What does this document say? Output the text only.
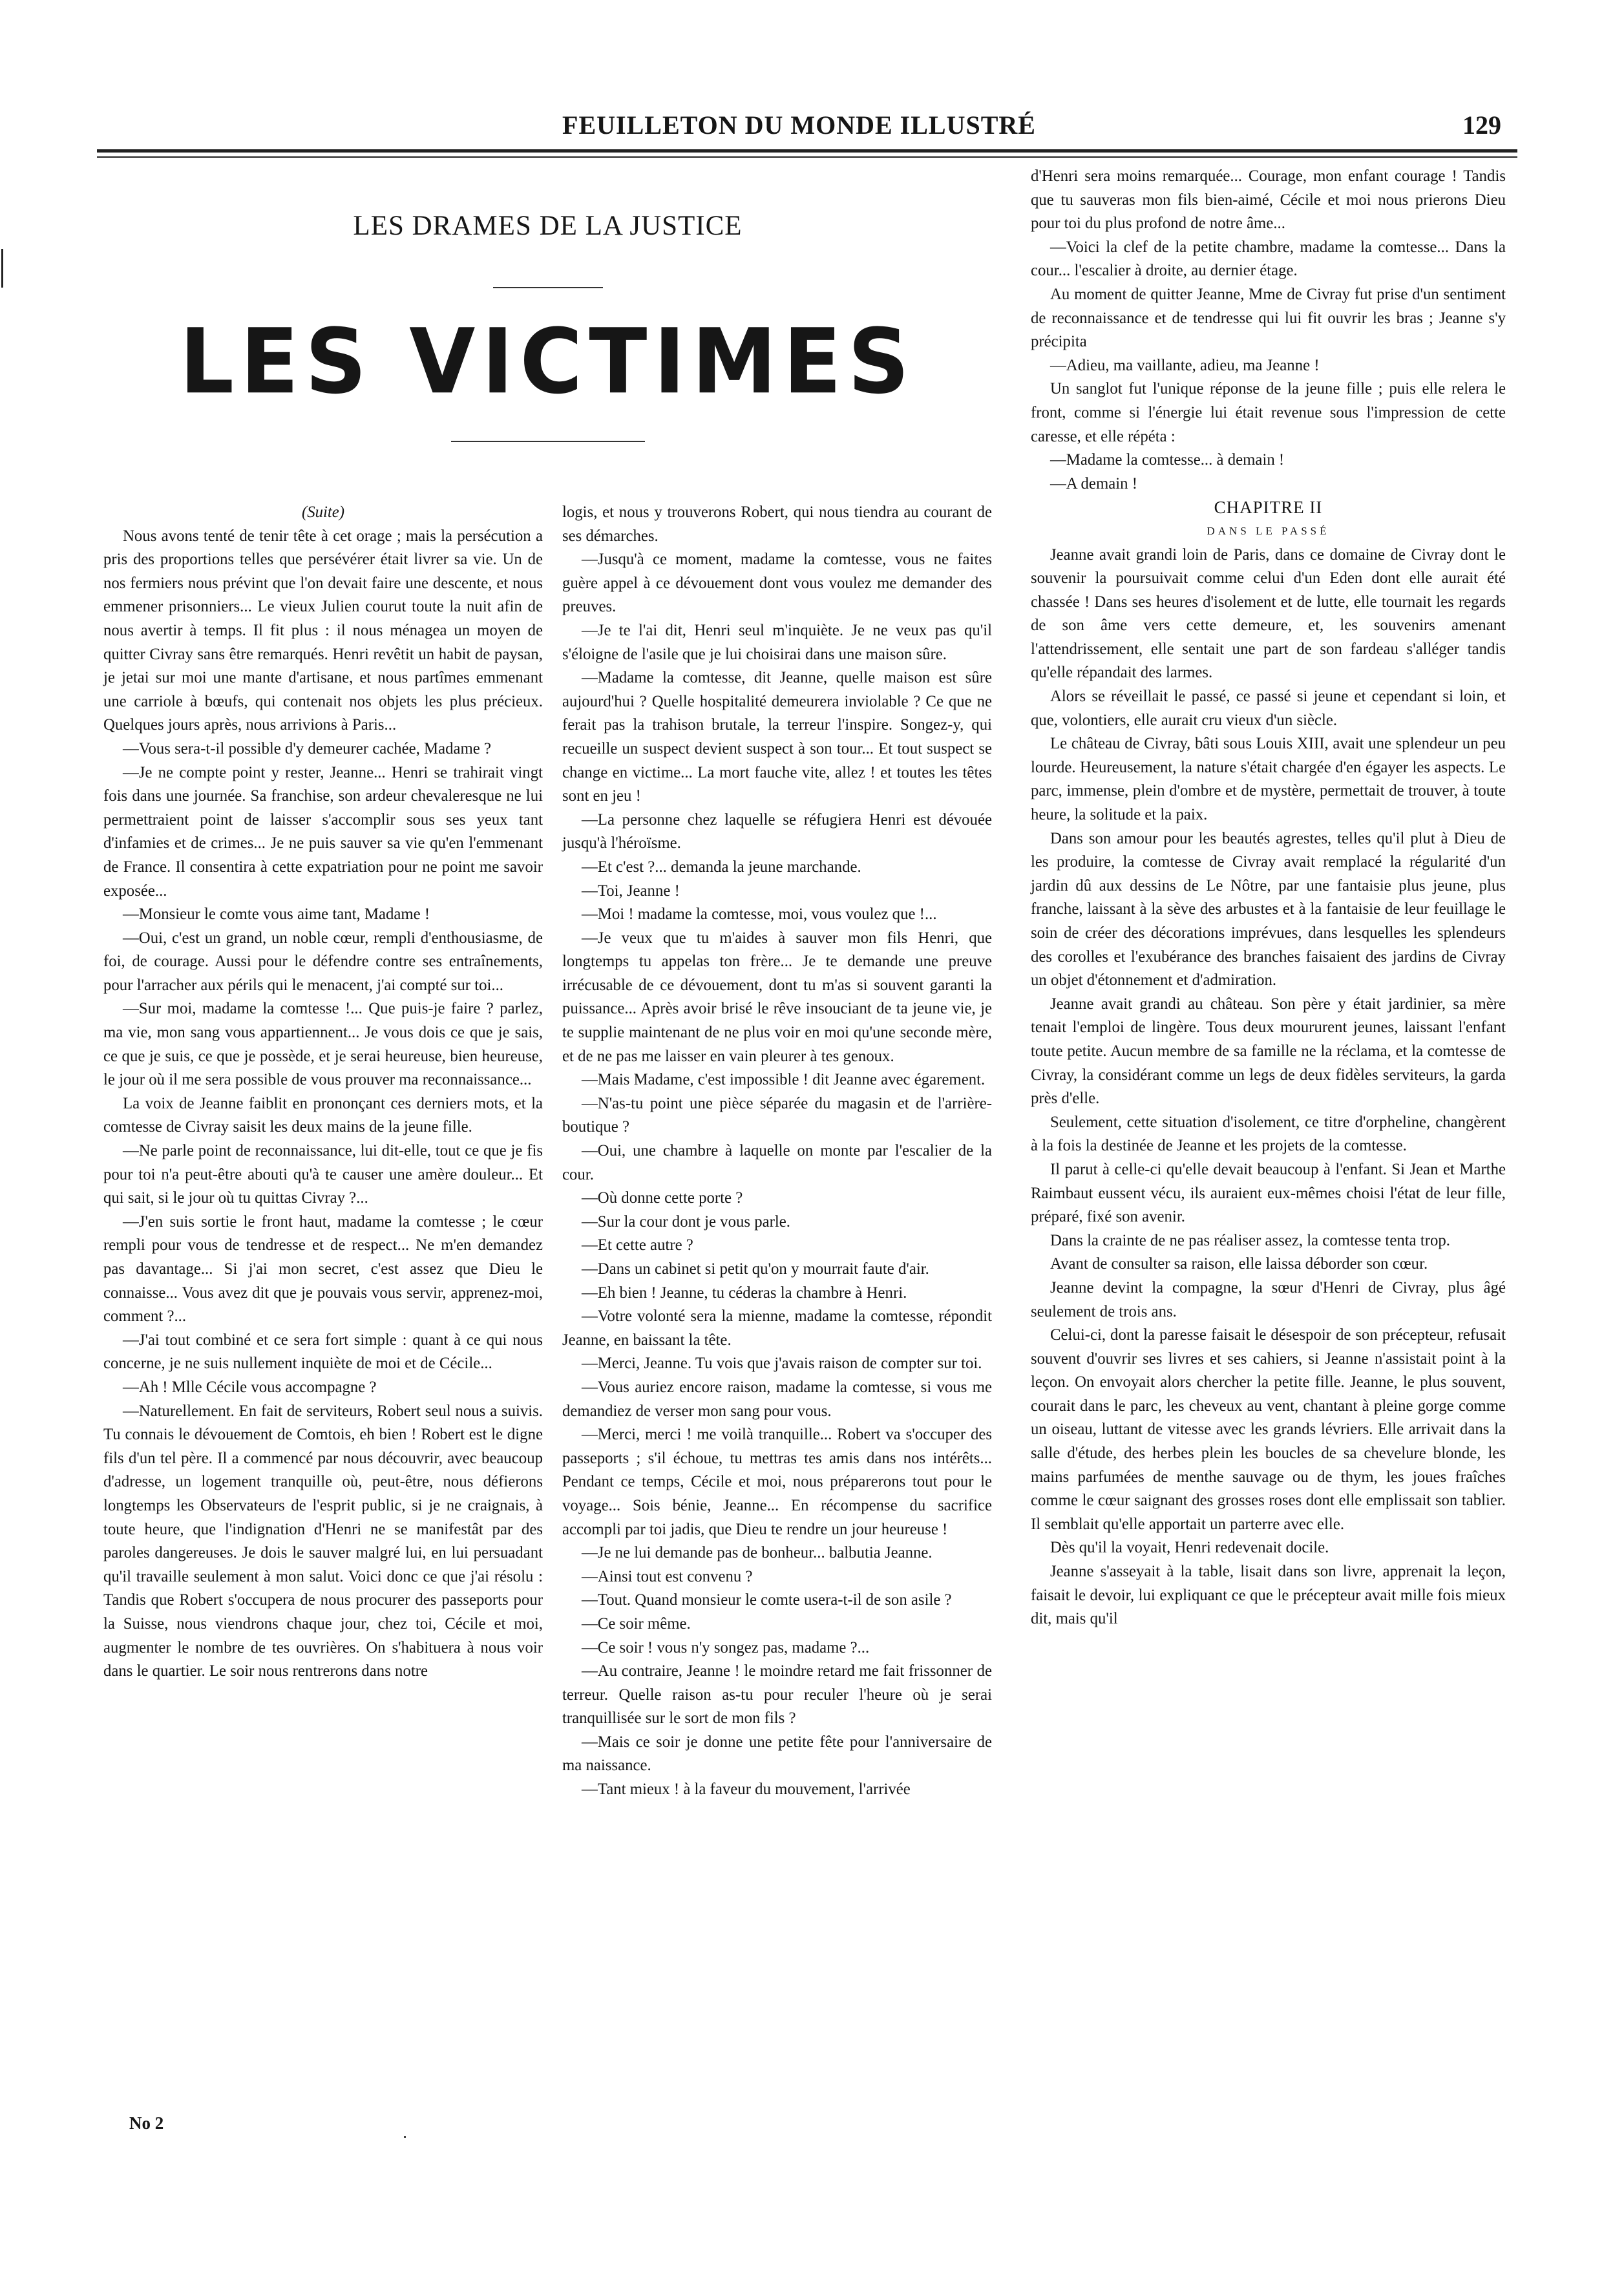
FEUILLETON DU MONDE ILLUSTRÉ	129
LES DRAMES DE LA JUSTICE
LES VICTIMES

(Suite)

Nous avons tenté de tenir tête à cet orage ; mais la persécution a pris des proportions telles que persévérer était livrer sa vie. Un de nos fermiers nous prévint que l'on devait faire une descente, et nous emmener prisonniers... Le vieux Julien courut toute la nuit afin de nous avertir à temps. Il fit plus : il nous ménagea un moyen de quitter Civray sans être remarqués. Henri revêtit un habit de paysan, je jetai sur moi une mante d'artisane, et nous partîmes emmenant une carriole à bœufs, qui contenait nos objets les plus précieux. Quelques jours après, nous arrivions à Paris...

—Vous sera-t-il possible d'y demeurer cachée, Madame ?

—Je ne compte point y rester, Jeanne... Henri se trahirait vingt fois dans une journée. Sa franchise, son ardeur chevaleresque ne lui permettraient point de laisser s'accomplir sous ses yeux tant d'infamies et de crimes... Je ne puis sauver sa vie qu'en l'emmenant de France. Il consentira à cette expatriation pour ne point me savoir exposée...

—Monsieur le comte vous aime tant, Madame !

—Oui, c'est un grand, un noble cœur, rempli d'enthousiasme, de foi, de courage. Aussi pour le défendre contre ses entraînements, pour l'arracher aux périls qui le menacent, j'ai compté sur toi...

—Sur moi, madame la comtesse !... Que puis-je faire ? parlez, ma vie, mon sang vous appartiennent... Je vous dois ce que je sais, ce que je suis, ce que je possède, et je serai heureuse, bien heureuse, le jour où il me sera possible de vous prouver ma reconnaissance...

La voix de Jeanne faiblit en prononçant ces derniers mots, et la comtesse de Civray saisit les deux mains de la jeune fille.

—Ne parle point de reconnaissance, lui dit-elle, tout ce que je fis pour toi n'a peut-être abouti qu'à te causer une amère douleur... Et qui sait, si le jour où tu quittas Civray ?...

—J'en suis sortie le front haut, madame la comtesse ; le cœur rempli pour vous de tendresse et de respect... Ne m'en demandez pas davantage... Si j'ai mon secret, c'est assez que Dieu le connaisse... Vous avez dit que je pouvais vous servir, apprenez-moi, comment ?...

—J'ai tout combiné et ce sera fort simple : quant à ce qui nous concerne, je ne suis nullement inquiète de moi et de Cécile...

—Ah ! Mlle Cécile vous accompagne ?

—Naturellement. En fait de serviteurs, Robert seul nous a suivis. Tu connais le dévouement de Comtois, eh bien ! Robert est le digne fils d'un tel père. Il a commencé par nous découvrir, avec beaucoup d'adresse, un logement tranquille où, peut-être, nous défierons longtemps les Observateurs de l'esprit public, si je ne craignais, à toute heure, que l'indignation d'Henri ne se manifestât par des paroles dangereuses. Je dois le sauver malgré lui, en lui persuadant qu'il travaille seulement à mon salut. Voici donc ce que j'ai résolu : Tandis que Robert s'occupera de nous procurer des passeports pour la Suisse, nous viendrons chaque jour, chez toi, Cécile et moi, augmenter le nombre de tes ouvrières. On s'habituera à nous voir dans le quartier. Le soir nous rentrerons dans notre

logis, et nous y trouverons Robert, qui nous tiendra au courant de ses démarches.

—Jusqu'à ce moment, madame la comtesse, vous ne faites guère appel à ce dévouement dont vous voulez me demander des preuves.

—Je te l'ai dit, Henri seul m'inquiète. Je ne veux pas qu'il s'éloigne de l'asile que je lui choisirai dans une maison sûre.

—Madame la comtesse, dit Jeanne, quelle maison est sûre aujourd'hui ? Quelle hospitalité demeurera inviolable ? Ce que ne ferait pas la trahison brutale, la terreur l'inspire. Songez-y, qui recueille un suspect devient suspect à son tour... Et tout suspect se change en victime... La mort fauche vite, allez ! et toutes les têtes sont en jeu !

—La personne chez laquelle se réfugiera Henri est dévouée jusqu'à l'héroïsme.

—Et c'est ?... demanda la jeune marchande.

—Toi, Jeanne !

—Moi ! madame la comtesse, moi, vous voulez que !...

—Je veux que tu m'aides à sauver mon fils Henri, que longtemps tu appelas ton frère... Je te demande une preuve irrécusable de ce dévouement, dont tu m'as si souvent garanti la puissance... Après avoir brisé le rêve insouciant de ta jeune vie, je te supplie maintenant de ne plus voir en moi qu'une seconde mère, et de ne pas me laisser en vain pleurer à tes genoux.

—Mais Madame, c'est impossible ! dit Jeanne avec égarement.

—N'as-tu point une pièce séparée du magasin et de l'arrière-boutique ?

—Oui, une chambre à laquelle on monte par l'escalier de la cour.

—Où donne cette porte ?

—Sur la cour dont je vous parle.

—Et cette autre ?

—Dans un cabinet si petit qu'on y mourrait faute d'air.

—Eh bien ! Jeanne, tu céderas la chambre à Henri.

—Votre volonté sera la mienne, madame la comtesse, répondit Jeanne, en baissant la tête.

—Merci, Jeanne. Tu vois que j'avais raison de compter sur toi.

—Vous auriez encore raison, madame la comtesse, si vous me demandiez de verser mon sang pour vous.

—Merci, merci ! me voilà tranquille... Robert va s'occuper des passeports ; s'il échoue, tu mettras tes amis dans nos intérêts... Pendant ce temps, Cécile et moi, nous préparerons tout pour le voyage... Sois bénie, Jeanne... En récompense du sacrifice accompli par toi jadis, que Dieu te rendre un jour heureuse !

—Je ne lui demande pas de bonheur... balbutia Jeanne.

—Ainsi tout est convenu ?

—Tout. Quand monsieur le comte usera-t-il de son asile ?

—Ce soir même.

—Ce soir ! vous n'y songez pas, madame ?...

—Au contraire, Jeanne ! le moindre retard me fait frissonner de terreur. Quelle raison as-tu pour reculer l'heure où je serai tranquillisée sur le sort de mon fils ?

—Mais ce soir je donne une petite fête pour l'anniversaire de ma naissance.

—Tant mieux ! à la faveur du mouvement, l'arrivée

d'Henri sera moins remarquée... Courage, mon enfant courage ! Tandis que tu sauveras mon fils bien-aimé, Cécile et moi nous prierons Dieu pour toi du plus profond de notre âme...

—Voici la clef de la petite chambre, madame la comtesse... Dans la cour... l'escalier à droite, au dernier étage.

Au moment de quitter Jeanne, Mme de Civray fut prise d'un sentiment de reconnaissance et de tendresse qui lui fit ouvrir les bras ; Jeanne s'y précipita

—Adieu, ma vaillante, adieu, ma Jeanne !

Un sanglot fut l'unique réponse de la jeune fille ; puis elle relera le front, comme si l'énergie lui était revenue sous l'impression de cette caresse, et elle répéta :

—Madame la comtesse... à demain !

—A demain !

CHAPITRE II

DANS LE PASSÉ

Jeanne avait grandi loin de Paris, dans ce domaine de Civray dont le souvenir la poursuivait comme celui d'un Eden dont elle aurait été chassée ! Dans ses heures d'isolement et de lutte, elle tournait les regards de son âme vers cette demeure, et, les souvenirs amenant l'attendrissement, elle sentait une part de son fardeau s'alléger tandis qu'elle répandait des larmes.

Alors se réveillait le passé, ce passé si jeune et cependant si loin, et que, volontiers, elle aurait cru vieux d'un siècle.

Le château de Civray, bâti sous Louis XIII, avait une splendeur un peu lourde. Heureusement, la nature s'était chargée d'en égayer les aspects. Le parc, immense, plein d'ombre et de mystère, permettait de trouver, à toute heure, la solitude et la paix.

Dans son amour pour les beautés agrestes, telles qu'il plut à Dieu de les produire, la comtesse de Civray avait remplacé la régularité d'un jardin dû aux dessins de Le Nôtre, par une fantaisie plus jeune, plus franche, laissant à la sève des arbustes et à la fantaisie de leur feuillage le soin de créer des décorations imprévues, dans lesquelles les splendeurs des corolles et l'exubérance des branches faisaient des jardins de Civray un objet d'étonnement et d'admiration.

Jeanne avait grandi au château. Son père y était jardinier, sa mère tenait l'emploi de lingère. Tous deux moururent jeunes, laissant l'enfant toute petite. Aucun membre de sa famille ne la réclama, et la comtesse de Civray, la considérant comme un legs de deux fidèles serviteurs, la garda près d'elle.

Seulement, cette situation d'isolement, ce titre d'orpheline, changèrent à la fois la destinée de Jeanne et les projets de la comtesse.

Il parut à celle-ci qu'elle devait beaucoup à l'enfant. Si Jean et Marthe Raimbaut eussent vécu, ils auraient eux-mêmes choisi l'état de leur fille, préparé, fixé son avenir.

Dans la crainte de ne pas réaliser assez, la comtesse tenta trop.

Avant de consulter sa raison, elle laissa déborder son cœur.

Jeanne devint la compagne, la sœur d'Henri de Civray, plus âgé seulement de trois ans.

Celui-ci, dont la paresse faisait le désespoir de son précepteur, refusait souvent d'ouvrir ses livres et ses cahiers, si Jeanne n'assistait point à la leçon. On envoyait alors chercher la petite fille. Jeanne, le plus souvent, courait dans le parc, les cheveux au vent, chantant à pleine gorge comme un oiseau, luttant de vitesse avec les grands lévriers. Elle arrivait dans la salle d'étude, des herbes plein les boucles de sa chevelure blonde, les mains parfumées de menthe sauvage ou de thym, les joues fraîches comme le cœur saignant des grosses roses dont elle emplissait son tablier. Il semblait qu'elle apportait un parterre avec elle.

Dès qu'il la voyait, Henri redevenait docile.

Jeanne s'asseyait à la table, lisait dans son livre, apprenait la leçon, faisait le devoir, lui expliquant ce que le précepteur avait mille fois mieux dit, mais qu'il

No 2
